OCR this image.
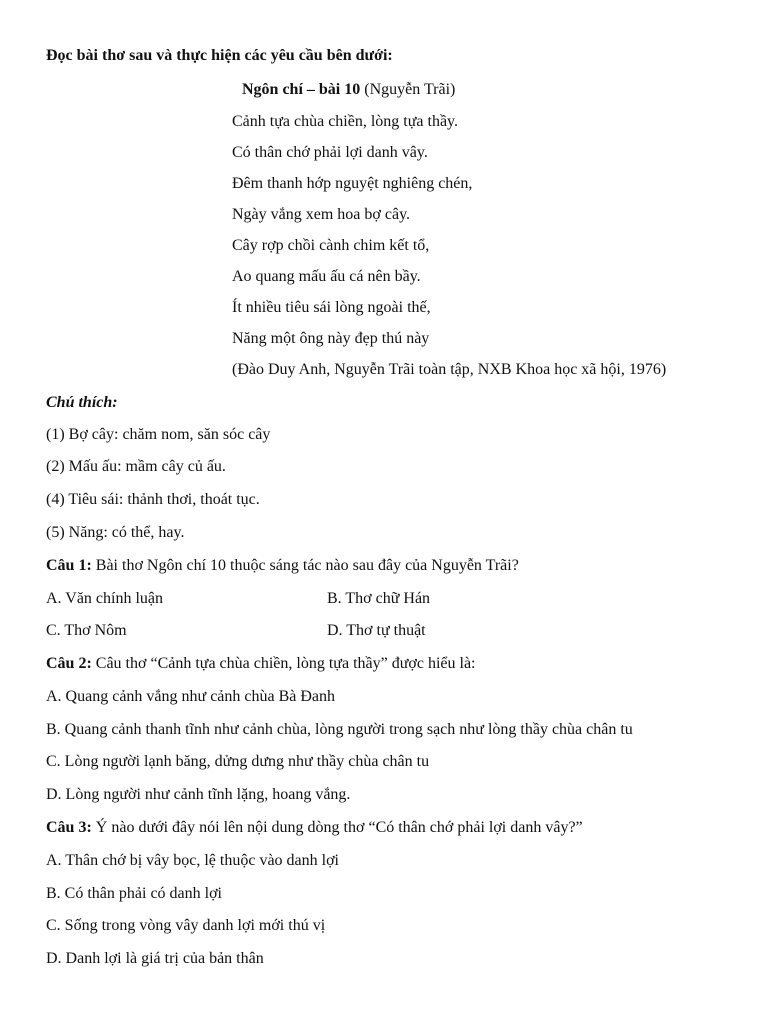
Đọc bài thơ sau và thực hiện các yêu cầu bên dưới:
Ngôn chí – bài 10 (Nguyễn Trãi)
Cảnh tựa chùa chiền, lòng tựa thầy.
Có thân chớ phải lợi danh vây.
Đêm thanh hớp nguyệt nghiêng chén,
Ngày vắng xem hoa bợ cây.
Cây rợp chồi cành chim kết tổ,
Ao quang mấu ấu cá nên bầy.
Ít nhiều tiêu sái lòng ngoài thế,
Năng một ông này đẹp thú này
(Đào Duy Anh, Nguyễn Trãi toàn tập, NXB Khoa học xã hội, 1976)
Chú thích:
(1) Bợ cây: chăm nom, săn sóc cây
(2) Mấu ấu: mầm cây củ ấu.
(4) Tiêu sái: thảnh thơi, thoát tục.
(5) Năng: có thể, hay.
Câu 1: Bài thơ Ngôn chí 10 thuộc sáng tác nào sau đây của Nguyễn Trãi?
A. Văn chính luận	B. Thơ chữ Hán
C. Thơ Nôm	D. Thơ tự thuật
Câu 2: Câu thơ “Cảnh tựa chùa chiền, lòng tựa thầy” được hiểu là:
A. Quang cảnh vắng như cảnh chùa Bà Đanh
B. Quang cảnh thanh tĩnh như cảnh chùa, lòng người trong sạch như lòng thầy chùa chân tu
C. Lòng người lạnh băng, dửng dưng như thầy chùa chân tu
D. Lòng người như cảnh tĩnh lặng, hoang vắng.
Câu 3: Ý nào dưới đây nói lên nội dung dòng thơ “Có thân chớ phải lợi danh vây?”
A. Thân chớ bị vây bọc, lệ thuộc vào danh lợi
B. Có thân phải có danh lợi
C. Sống trong vòng vây danh lợi mới thú vị
D. Danh lợi là giá trị của bản thân
